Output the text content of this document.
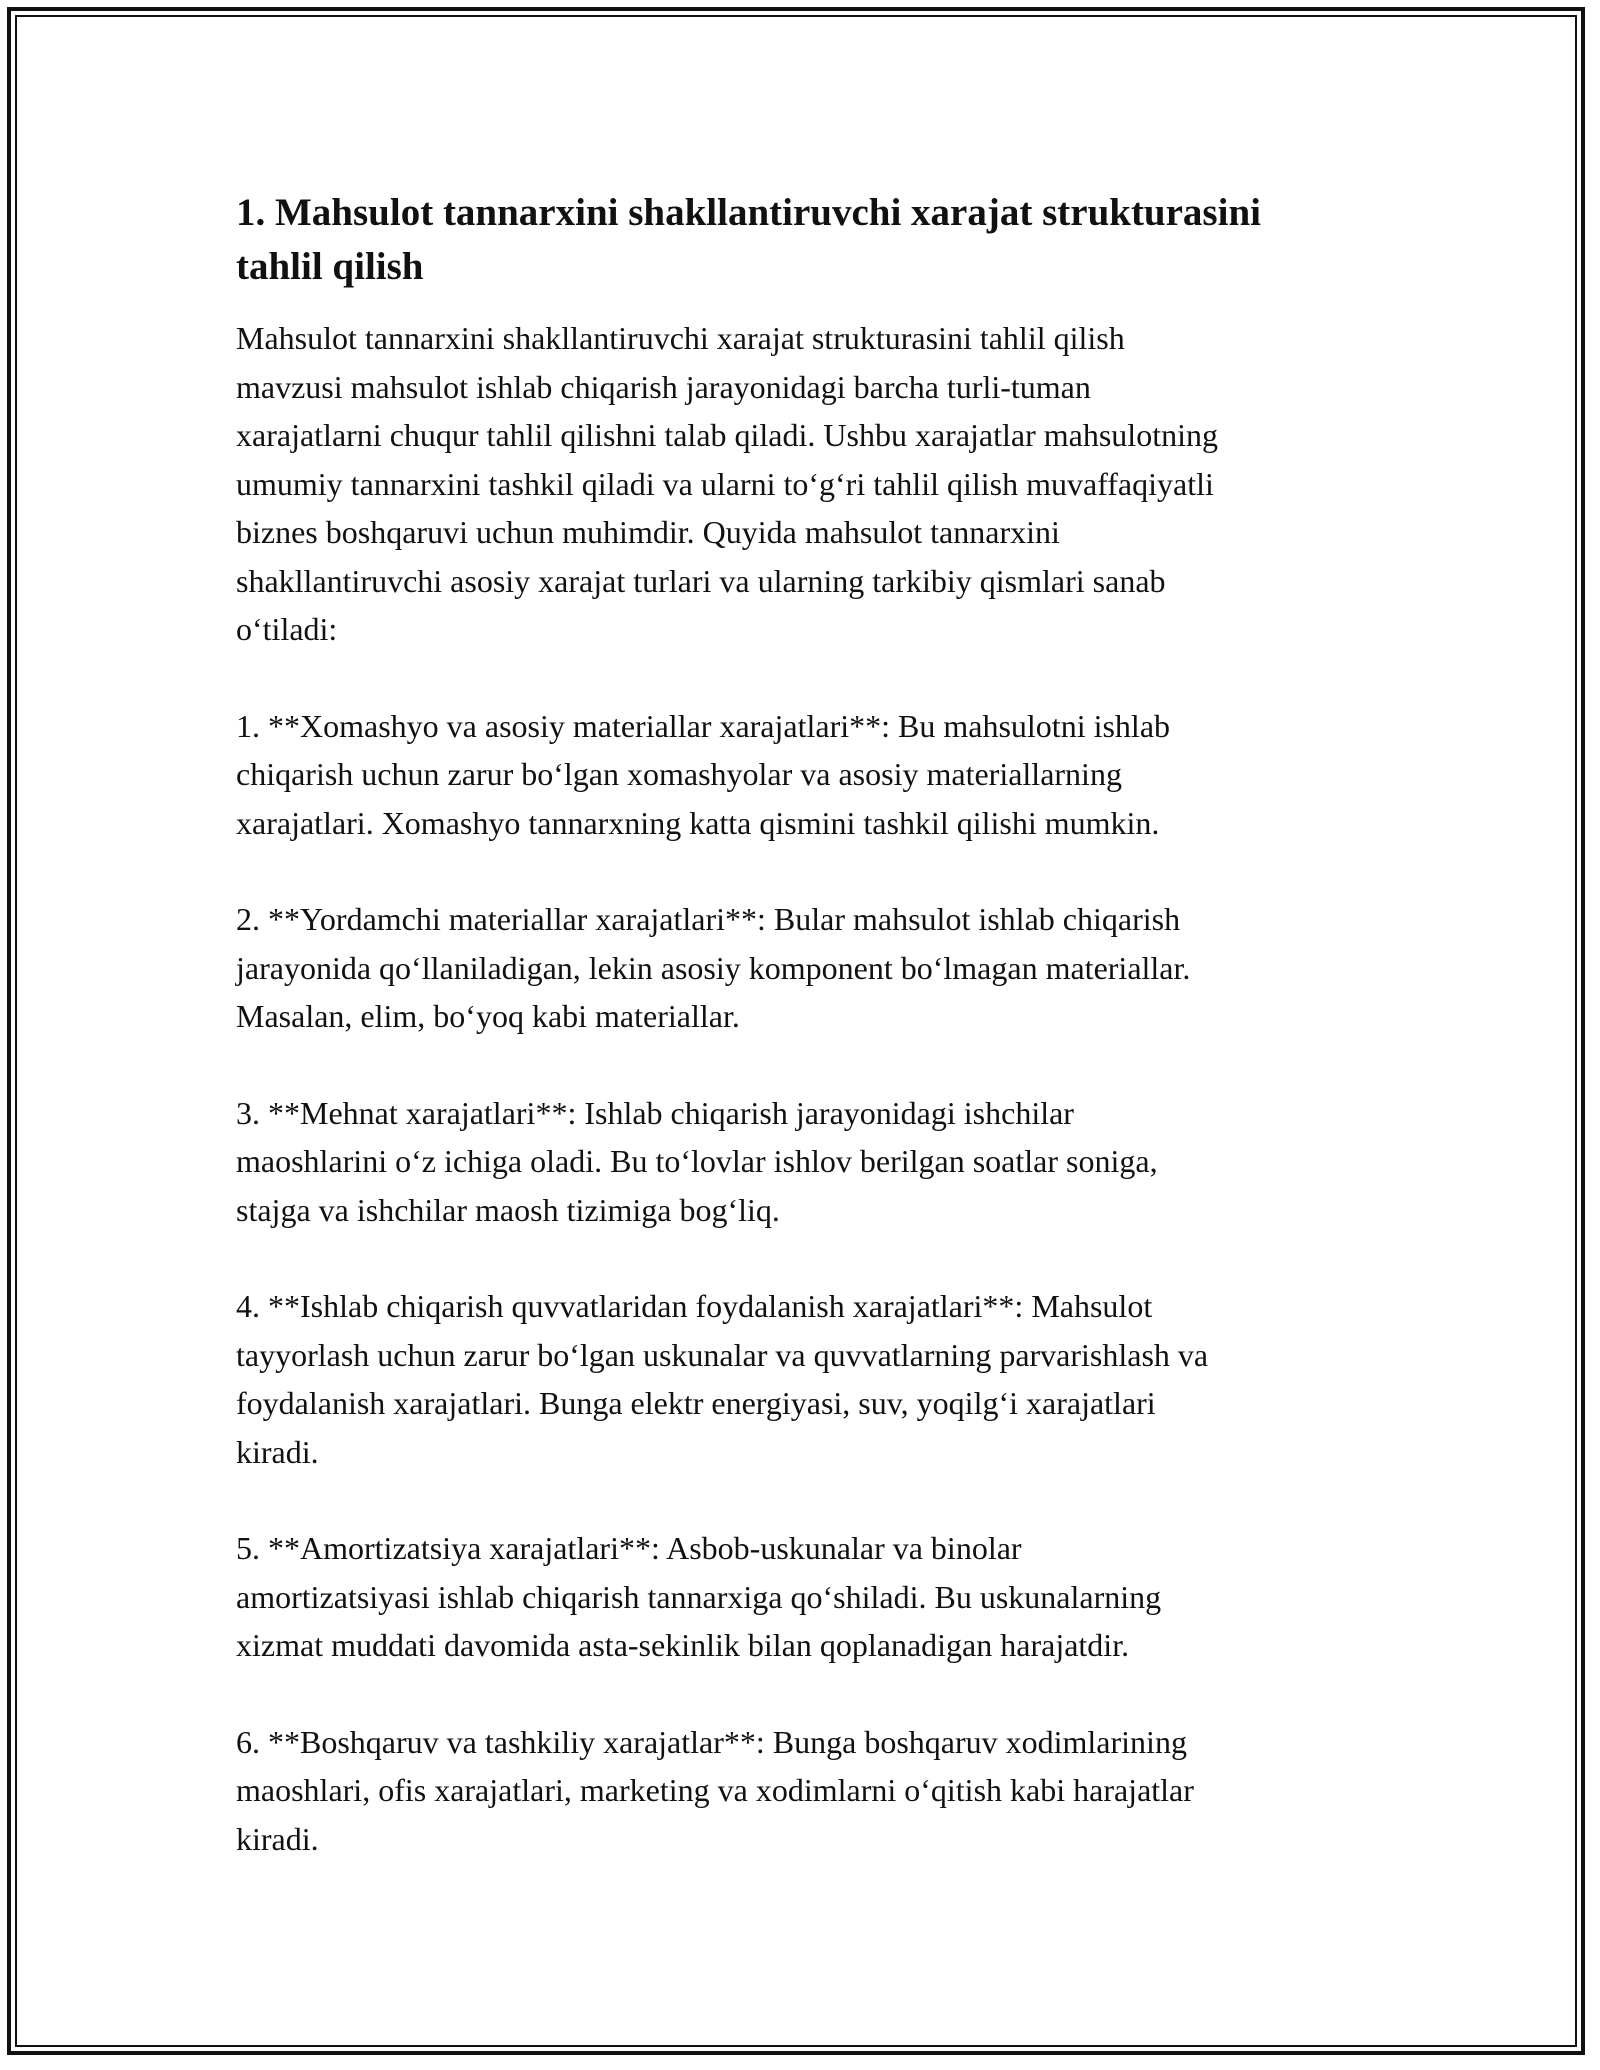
1. Mahsulot tannarxini shakllantiruvchi xarajat strukturasini
tahlil qilish

Mahsulot tannarxini shakllantiruvchi xarajat strukturasini tahlil qilish
mavzusi mahsulot ishlab chiqarish jarayonidagi barcha turli-tuman
xarajatlarni chuqur tahlil qilishni talab qiladi. Ushbu xarajatlar mahsulotning
umumiy tannarxini tashkil qiladi va ularni to‘g‘ri tahlil qilish muvaffaqiyatli
biznes boshqaruvi uchun muhimdir. Quyida mahsulot tannarxini
shakllantiruvchi asosiy xarajat turlari va ularning tarkibiy qismlari sanab
o‘tiladi:

1. **Xomashyo va asosiy materiallar xarajatlari**: Bu mahsulotni ishlab
chiqarish uchun zarur bo‘lgan xomashyolar va asosiy materiallarning
xarajatlari. Xomashyo tannarxning katta qismini tashkil qilishi mumkin.

2. **Yordamchi materiallar xarajatlari**: Bular mahsulot ishlab chiqarish
jarayonida qo‘llaniladigan, lekin asosiy komponent bo‘lmagan materiallar.
Masalan, elim, bo‘yoq kabi materiallar.

3. **Mehnat xarajatlari**: Ishlab chiqarish jarayonidagi ishchilar
maoshlarini o‘z ichiga oladi. Bu to‘lovlar ishlov berilgan soatlar soniga,
stajga va ishchilar maosh tizimiga bog‘liq.

4. **Ishlab chiqarish quvvatlaridan foydalanish xarajatlari**: Mahsulot
tayyorlash uchun zarur bo‘lgan uskunalar va quvvatlarning parvarishlash va
foydalanish xarajatlari. Bunga elektr energiyasi, suv, yoqilg‘i xarajatlari
kiradi.

5. **Amortizatsiya xarajatlari**: Asbob-uskunalar va binolar
amortizatsiyasi ishlab chiqarish tannarxiga qo‘shiladi. Bu uskunalarning
xizmat muddati davomida asta-sekinlik bilan qoplanadigan harajatdir.

6. **Boshqaruv va tashkiliy xarajatlar**: Bunga boshqaruv xodimlarining
maoshlari, ofis xarajatlari, marketing va xodimlarni o‘qitish kabi harajatlar
kiradi.
